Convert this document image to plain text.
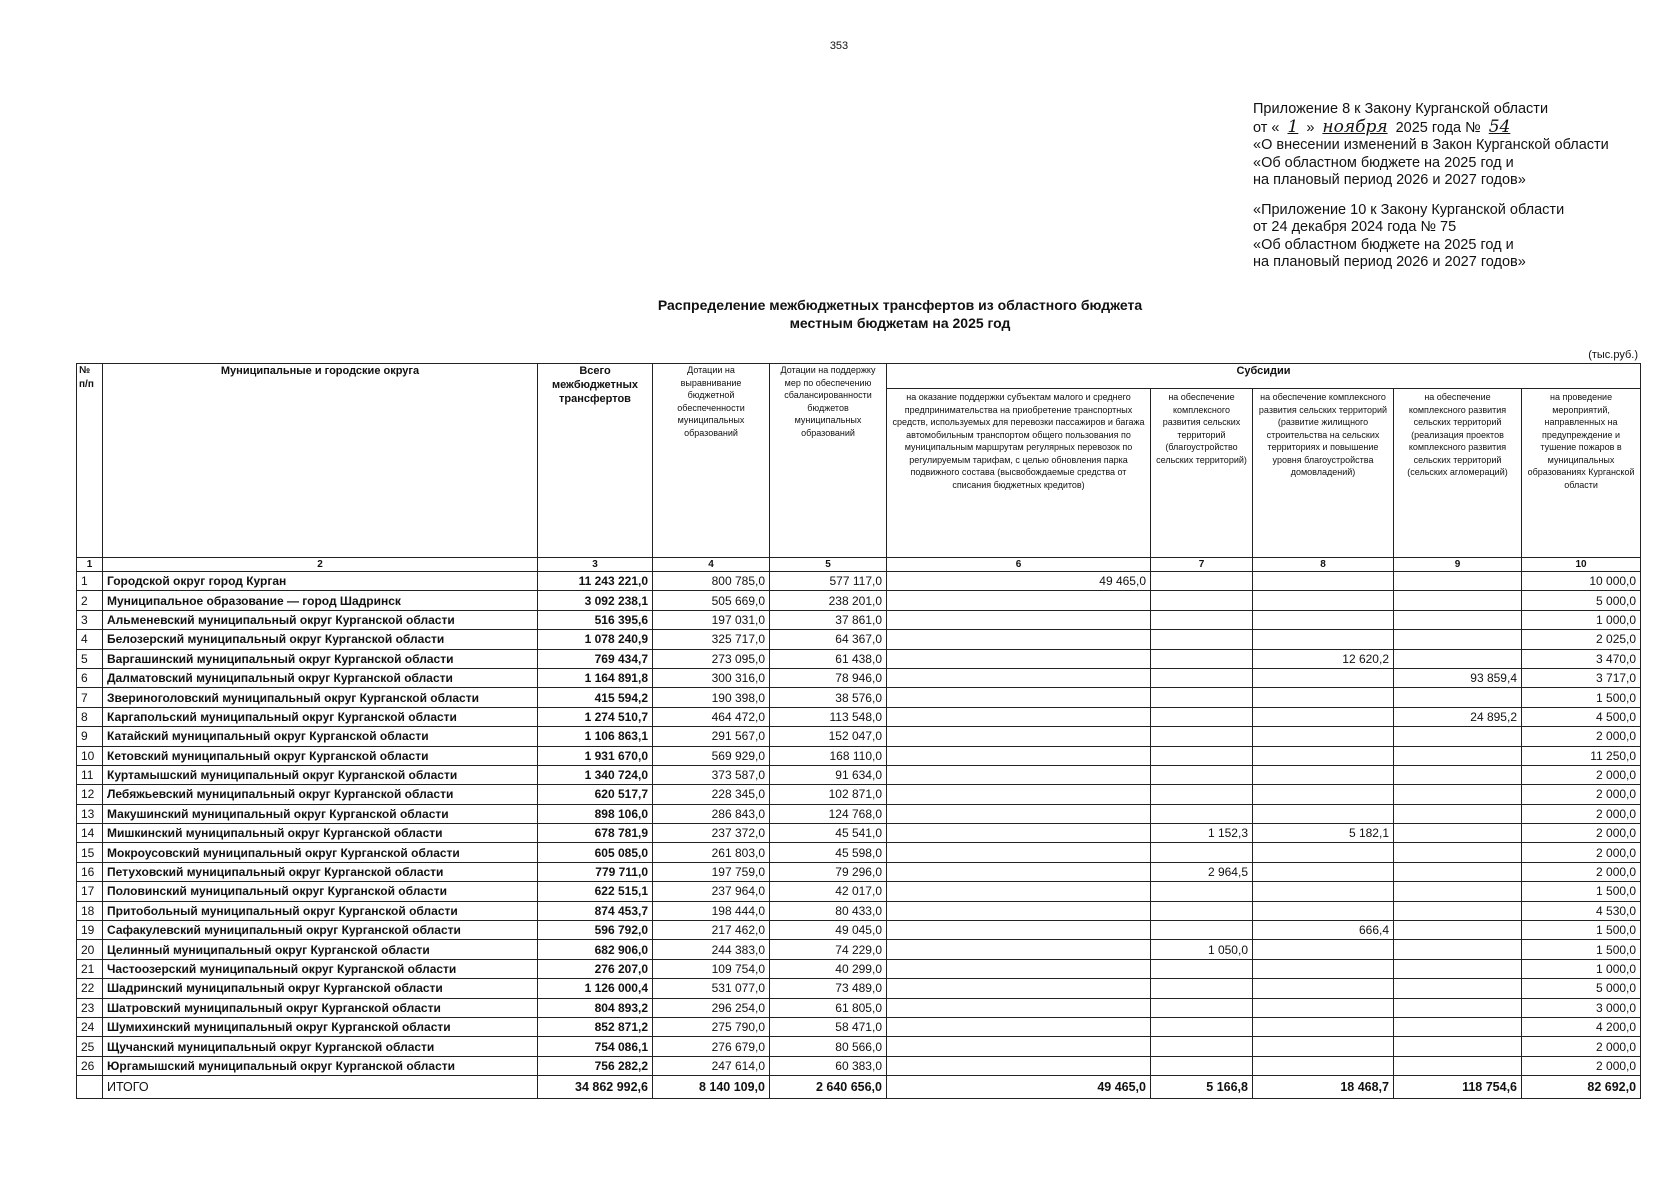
353
Приложение 8 к Закону Курганской области
от « 1 » ноября 2025 года № 54
«О внесении изменений в Закон Курганской области
«Об областном бюджете на 2025 год и
на плановый период 2026 и 2027 годов»
«Приложение 10 к Закону Курганской области
от 24 декабря 2024 года № 75
«Об областном бюджете на 2025 год и
на плановый период 2026 и 2027 годов»
Распределение межбюджетных трансфертов из областного бюджета
местным бюджетам на 2025 год
(тыс.руб.)
№ п/п	Муниципальные и городские округа	Всего межбюджетных трансфертов	Дотации на выравнивание бюджетной обеспеченности муниципальных образований	Дотации на поддержку мер по обеспечению сбалансированности бюджетов муниципальных образований	Субсидии				
					на оказание поддержки субъектам малого и среднего предпринимательства на приобретение транспортных средств, используемых для перевозки пассажиров и багажа автомобильным транспортом общего пользования по муниципальным маршрутам регулярных перевозок по регулируемым тарифам, с целью обновления парка подвижного состава (высвобождаемые средства от списания бюджетных кредитов)	на обеспечение комплексного развития сельских территорий (благоустройство сельских территорий)	на обеспечение комплексного развития сельских территорий (развитие жилищного строительства на сельских территориях и повышение уровня благоустройства домовладений)	на обеспечение комплексного развития сельских территорий (реализация проектов комплексного развития сельских территорий (сельских агломераций)	на проведение мероприятий, направленных на предупреждение и тушение пожаров в муниципальных образованиях Курганской области
1	2	3	4	5	6	7	8	9	10
1	Городской округ город Курган	11 243 221,0	800 785,0	577 117,0	49 465,0				10 000,0
2	Муниципальное образование — город Шадринск	3 092 238,1	505 669,0	238 201,0					5 000,0
3	Альменевский муниципальный округ Курганской области	516 395,6	197 031,0	37 861,0					1 000,0
4	Белозерский муниципальный округ Курганской области	1 078 240,9	325 717,0	64 367,0					2 025,0
5	Варгашинский муниципальный округ Курганской области	769 434,7	273 095,0	61 438,0			12 620,2		3 470,0
6	Далматовский муниципальный округ Курганской области	1 164 891,8	300 316,0	78 946,0				93 859,4	3 717,0
7	Звериноголовский муниципальный округ Курганской области	415 594,2	190 398,0	38 576,0					1 500,0
8	Каргапольский муниципальный округ Курганской области	1 274 510,7	464 472,0	113 548,0				24 895,2	4 500,0
9	Катайский муниципальный округ Курганской области	1 106 863,1	291 567,0	152 047,0					2 000,0
10	Кетовский муниципальный округ Курганской области	1 931 670,0	569 929,0	168 110,0					11 250,0
11	Куртамышский муниципальный округ Курганской области	1 340 724,0	373 587,0	91 634,0					2 000,0
12	Лебяжьевский муниципальный округ Курганской области	620 517,7	228 345,0	102 871,0					2 000,0
13	Макушинский муниципальный округ Курганской области	898 106,0	286 843,0	124 768,0					2 000,0
14	Мишкинский муниципальный округ Курганской области	678 781,9	237 372,0	45 541,0		1 152,3	5 182,1		2 000,0
15	Мокроусовский муниципальный округ Курганской области	605 085,0	261 803,0	45 598,0					2 000,0
16	Петуховский муниципальный округ Курганской области	779 711,0	197 759,0	79 296,0		2 964,5			2 000,0
17	Половинский муниципальный округ Курганской области	622 515,1	237 964,0	42 017,0					1 500,0
18	Притобольный муниципальный округ Курганской области	874 453,7	198 444,0	80 433,0					4 530,0
19	Сафакулевский муниципальный округ Курганской области	596 792,0	217 462,0	49 045,0			666,4		1 500,0
20	Целинный муниципальный округ Курганской области	682 906,0	244 383,0	74 229,0		1 050,0			1 500,0
21	Частоозерский муниципальный округ Курганской области	276 207,0	109 754,0	40 299,0					1 000,0
22	Шадринский муниципальный округ Курганской области	1 126 000,4	531 077,0	73 489,0					5 000,0
23	Шатровский муниципальный округ Курганской области	804 893,2	296 254,0	61 805,0					3 000,0
24	Шумихинский муниципальный округ Курганской области	852 871,2	275 790,0	58 471,0					4 200,0
25	Щучанский муниципальный округ Курганской области	754 086,1	276 679,0	80 566,0					2 000,0
26	Юргамышский муниципальный округ Курганской области	756 282,2	247 614,0	60 383,0					2 000,0
	ИТОГО	34 862 992,6	8 140 109,0	2 640 656,0	49 465,0	5 166,8	18 468,7	118 754,6	82 692,0
